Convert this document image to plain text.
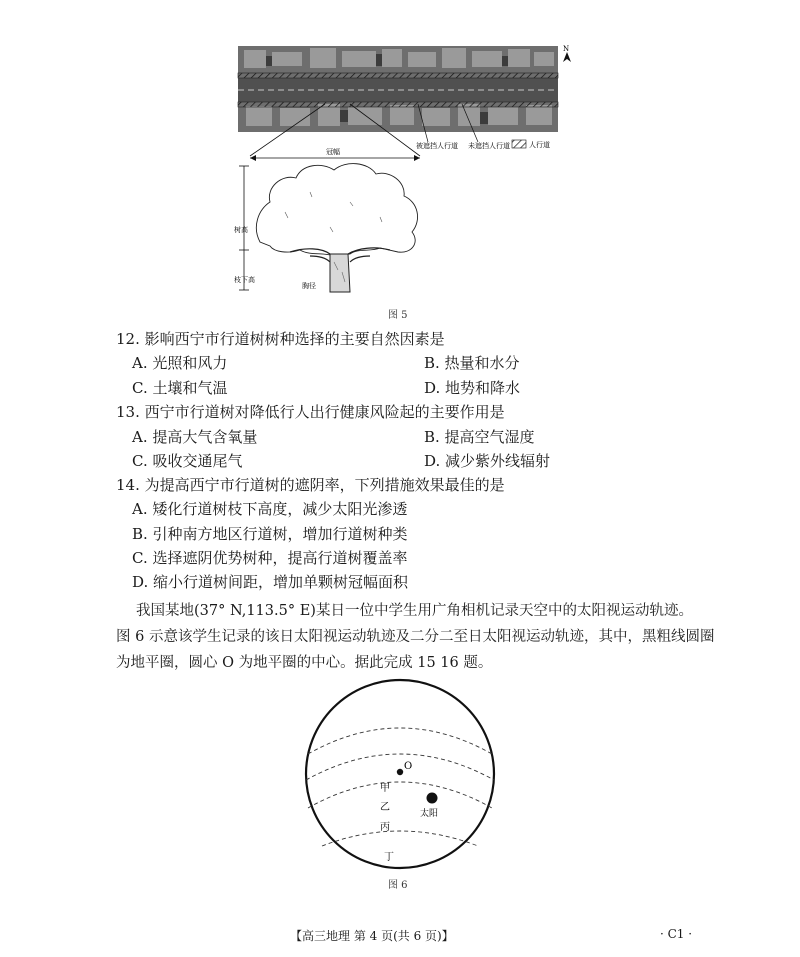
N
被遮挡人行道 未遮挡人行道	人行道
冠幅
树高
枝下高
胸径
图 5
12. 影响西宁市行道树树种选择的主要自然因素是
A. 光照和风力	B. 热量和水分
C. 土壤和气温	D. 地势和降水
13. 西宁市行道树对降低行人出行健康风险起的主要作用是
A. 提高大气含氧量	B. 提高空气湿度
C. 吸收交通尾气	D. 减少紫外线辐射
14. 为提高西宁市行道树的遮阴率，下列措施效果最佳的是
A. 矮化行道树枝下高度，减少太阳光渗透
B. 引种南方地区行道树，增加行道树种类
C. 选择遮阴优势树种，提高行道树覆盖率
D. 缩小行道树间距，增加单颗树冠幅面积
我国某地(37° N,113.5° E)某日一位中学生用广角相机记录天空中的太阳视运动轨迹。
图 6 示意该学生记录的该日太阳视运动轨迹及二分二至日太阳视运动轨迹，其中，黑粗线圆圈
为地平圈，圆心 O 为地平圈的中心。据此完成 15 16 题。
O
太阳
甲
乙
丙
丁
图 6
【高三地理 第 4 页(共 6 页)】	· C1 ·
